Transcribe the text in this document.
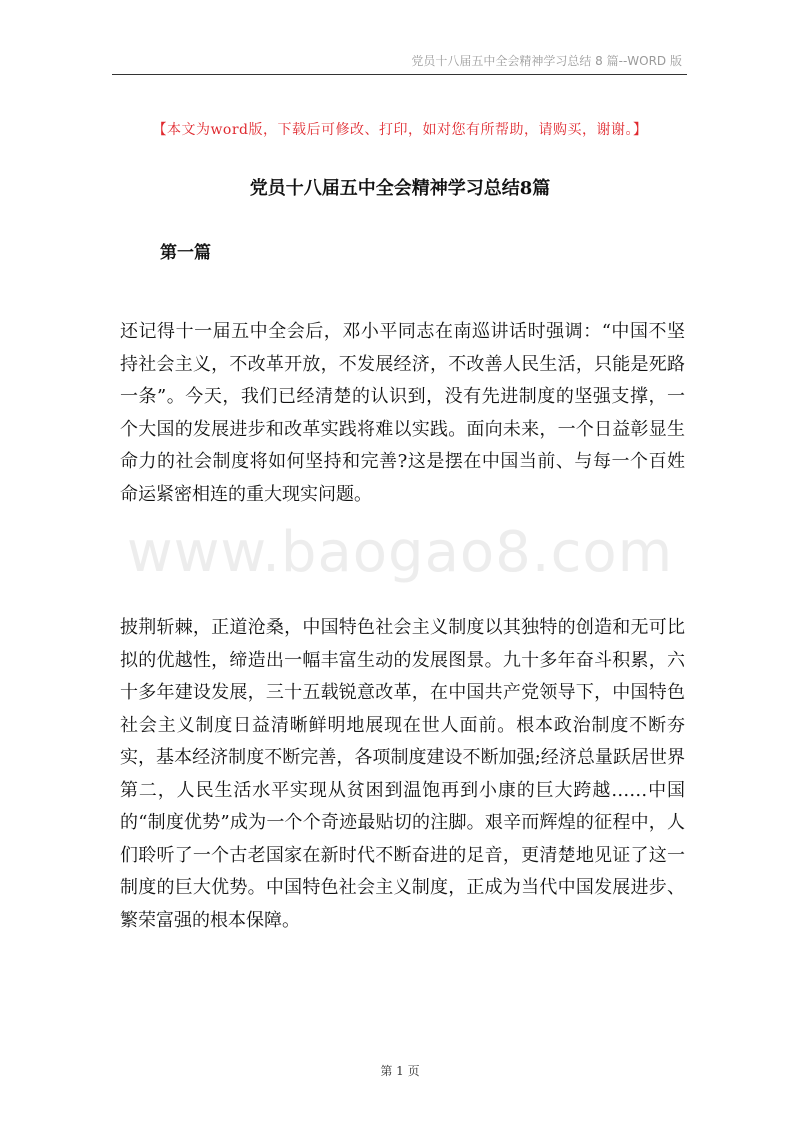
党员十八届五中全会精神学习总结 8 篇--WORD 版
【本文为word版，下载后可修改、打印，如对您有所帮助，请购买，谢谢。】
党员十八届五中全会精神学习总结8篇
第一篇

还记得十一届五中全会后，邓小平同志在南巡讲话时强调：“中国不坚持社会主义，不改革开放，不发展经济，不改善人民生活，只能是死路一条”。今天，我们已经清楚的认识到，没有先进制度的坚强支撑，一个大国的发展进步和改革实践将难以实践。面向未来，一个日益彰显生命力的社会制度将如何坚持和完善?这是摆在中国当前、与每一个百姓命运紧密相连的重大现实问题。

www.baogao8.com

披荆斩棘，正道沧桑，中国特色社会主义制度以其独特的创造和无可比拟的优越性，缔造出一幅丰富生动的发展图景。九十多年奋斗积累，六十多年建设发展，三十五载锐意改革，在中国共产党领导下，中国特色社会主义制度日益清晰鲜明地展现在世人面前。根本政治制度不断夯实，基本经济制度不断完善，各项制度建设不断加强;经济总量跃居世界第二，人民生活水平实现从贫困到温饱再到小康的巨大跨越……中国的“制度优势”成为一个个奇迹最贴切的注脚。艰辛而辉煌的征程中，人们聆听了一个古老国家在新时代不断奋进的足音，更清楚地见证了这一制度的巨大优势。中国特色社会主义制度，正成为当代中国发展进步、繁荣富强的根本保障。

第 1 页
